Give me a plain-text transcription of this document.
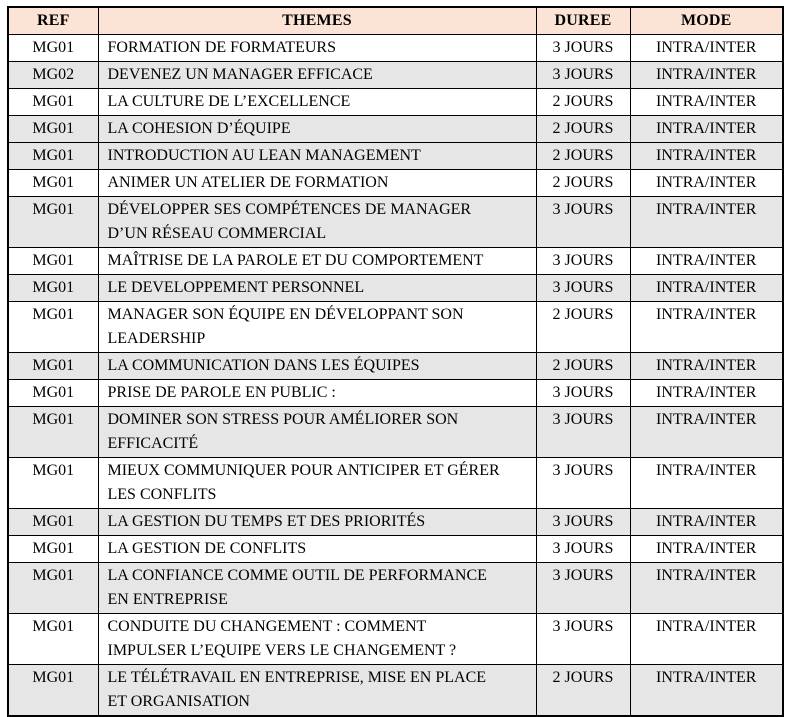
REF	THEMES	DUREE	MODE
MG01	FORMATION DE FORMATEURS	3 JOURS	INTRA/INTER
MG02	DEVENEZ UN MANAGER EFFICACE	3 JOURS	INTRA/INTER
MG01	LA CULTURE DE L’EXCELLENCE	2 JOURS	INTRA/INTER
MG01	LA COHESION D’ÉQUIPE	2 JOURS	INTRA/INTER
MG01	INTRODUCTION AU LEAN MANAGEMENT	2 JOURS	INTRA/INTER
MG01	ANIMER UN ATELIER DE FORMATION	2 JOURS	INTRA/INTER
MG01	DÉVELOPPER SES COMPÉTENCES DE MANAGER
D’UN RÉSEAU COMMERCIAL	3 JOURS	INTRA/INTER
MG01	MAÎTRISE DE LA PAROLE ET DU COMPORTEMENT	3 JOURS	INTRA/INTER
MG01	LE DEVELOPPEMENT PERSONNEL	3 JOURS	INTRA/INTER
MG01	MANAGER SON ÉQUIPE EN DÉVELOPPANT SON
LEADERSHIP	2 JOURS	INTRA/INTER
MG01	LA COMMUNICATION DANS LES ÉQUIPES	2 JOURS	INTRA/INTER
MG01	PRISE DE PAROLE EN PUBLIC :	3 JOURS	INTRA/INTER
MG01	DOMINER SON STRESS POUR AMÉLIORER SON
EFFICACITÉ	3 JOURS	INTRA/INTER
MG01	MIEUX COMMUNIQUER POUR ANTICIPER ET GÉRER
LES CONFLITS	3 JOURS	INTRA/INTER
MG01	LA GESTION DU TEMPS ET DES PRIORITÉS	3 JOURS	INTRA/INTER
MG01	LA GESTION DE CONFLITS	3 JOURS	INTRA/INTER
MG01	LA CONFIANCE COMME OUTIL DE PERFORMANCE
EN ENTREPRISE	3 JOURS	INTRA/INTER
MG01	CONDUITE DU CHANGEMENT : COMMENT
IMPULSER L’EQUIPE VERS LE CHANGEMENT ?	3 JOURS	INTRA/INTER
MG01	LE TÉLÉTRAVAIL EN ENTREPRISE, MISE EN PLACE
ET ORGANISATION	2 JOURS	INTRA/INTER
